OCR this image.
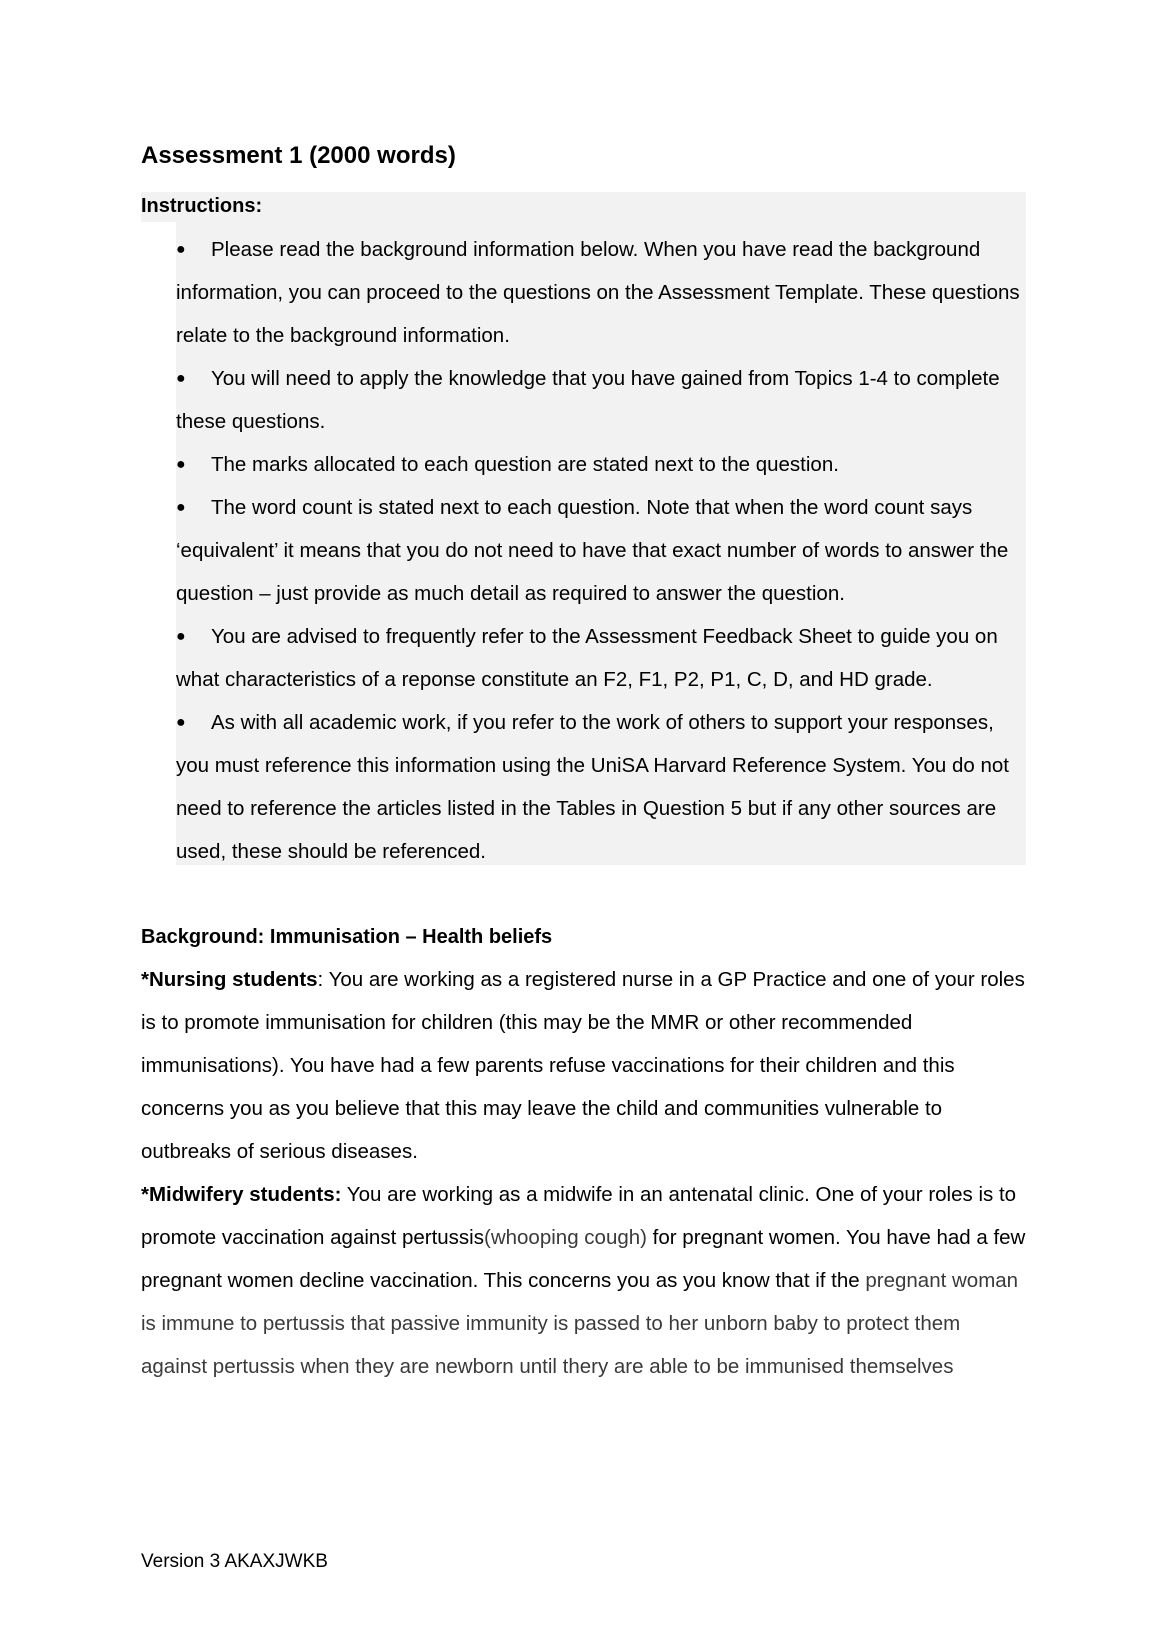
Assessment 1 (2000 words)
Instructions:
● Please read the background information below. When you have read the background information, you can proceed to the questions on the Assessment Template. These questions relate to the background information.
● You will need to apply the knowledge that you have gained from Topics 1-4 to complete these questions.
● The marks allocated to each question are stated next to the question.
● The word count is stated next to each question. Note that when the word count says ‘equivalent’ it means that you do not need to have that exact number of words to answer the question – just provide as much detail as required to answer the question.
● You are advised to frequently refer to the Assessment Feedback Sheet to guide you on what characteristics of a reponse constitute an F2, F1, P2, P1, C, D, and HD grade.
● As with all academic work, if you refer to the work of others to support your responses, you must reference this information using the UniSA Harvard Reference System. You do not need to reference the articles listed in the Tables in Question 5 but if any other sources are used, these should be referenced.
Background: Immunisation – Health beliefs
*Nursing students: You are working as a registered nurse in a GP Practice and one of your roles is to promote immunisation for children (this may be the MMR or other recommended immunisations). You have had a few parents refuse vaccinations for their children and this concerns you as you believe that this may leave the child and communities vulnerable to outbreaks of serious diseases.
*Midwifery students: You are working as a midwife in an antenatal clinic. One of your roles is to promote vaccination against pertussis(whooping cough) for pregnant women. You have had a few pregnant women decline vaccination. This concerns you as you know that if the pregnant woman is immune to pertussis that passive immunity is passed to her unborn baby to protect them against pertussis when they are newborn until thery are able to be immunised themselves
Version 3 AKAXJWKB
